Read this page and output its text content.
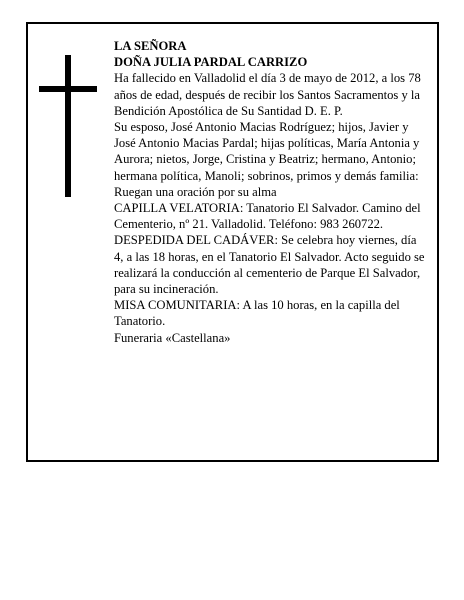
LA SEÑORA

DOÑA JULIA PARDAL CARRIZO

Ha fallecido en Valladolid el día 3 de mayo de 2012, a los 78 años de edad, después de recibir los Santos Sacramentos y la Bendición Apostólica de Su Santidad D. E. P.

Su esposo, José Antonio Macias Rodríguez; hijos, Javier y José Antonio Macias Pardal; hijas políticas, María Antonia y Aurora; nietos, Jorge, Cristina y Beatriz; hermano, Antonio; hermana política, Manoli; sobrinos, primos y demás familia:

Ruegan una oración por su alma

CAPILLA VELATORIA: Tanatorio El Salvador. Camino del Cementerio, nº 21. Valladolid. Teléfono: 983 260722.

DESPEDIDA DEL CADÁVER: Se celebra hoy viernes, día 4, a las 18 horas, en el Tanatorio El Salvador. Acto seguido se realizará la conducción al cementerio de Parque El Salvador, para su incineración.

MISA COMUNITARIA: A las 10 horas, en la capilla del Tanatorio.

Funeraria «Castellana»
